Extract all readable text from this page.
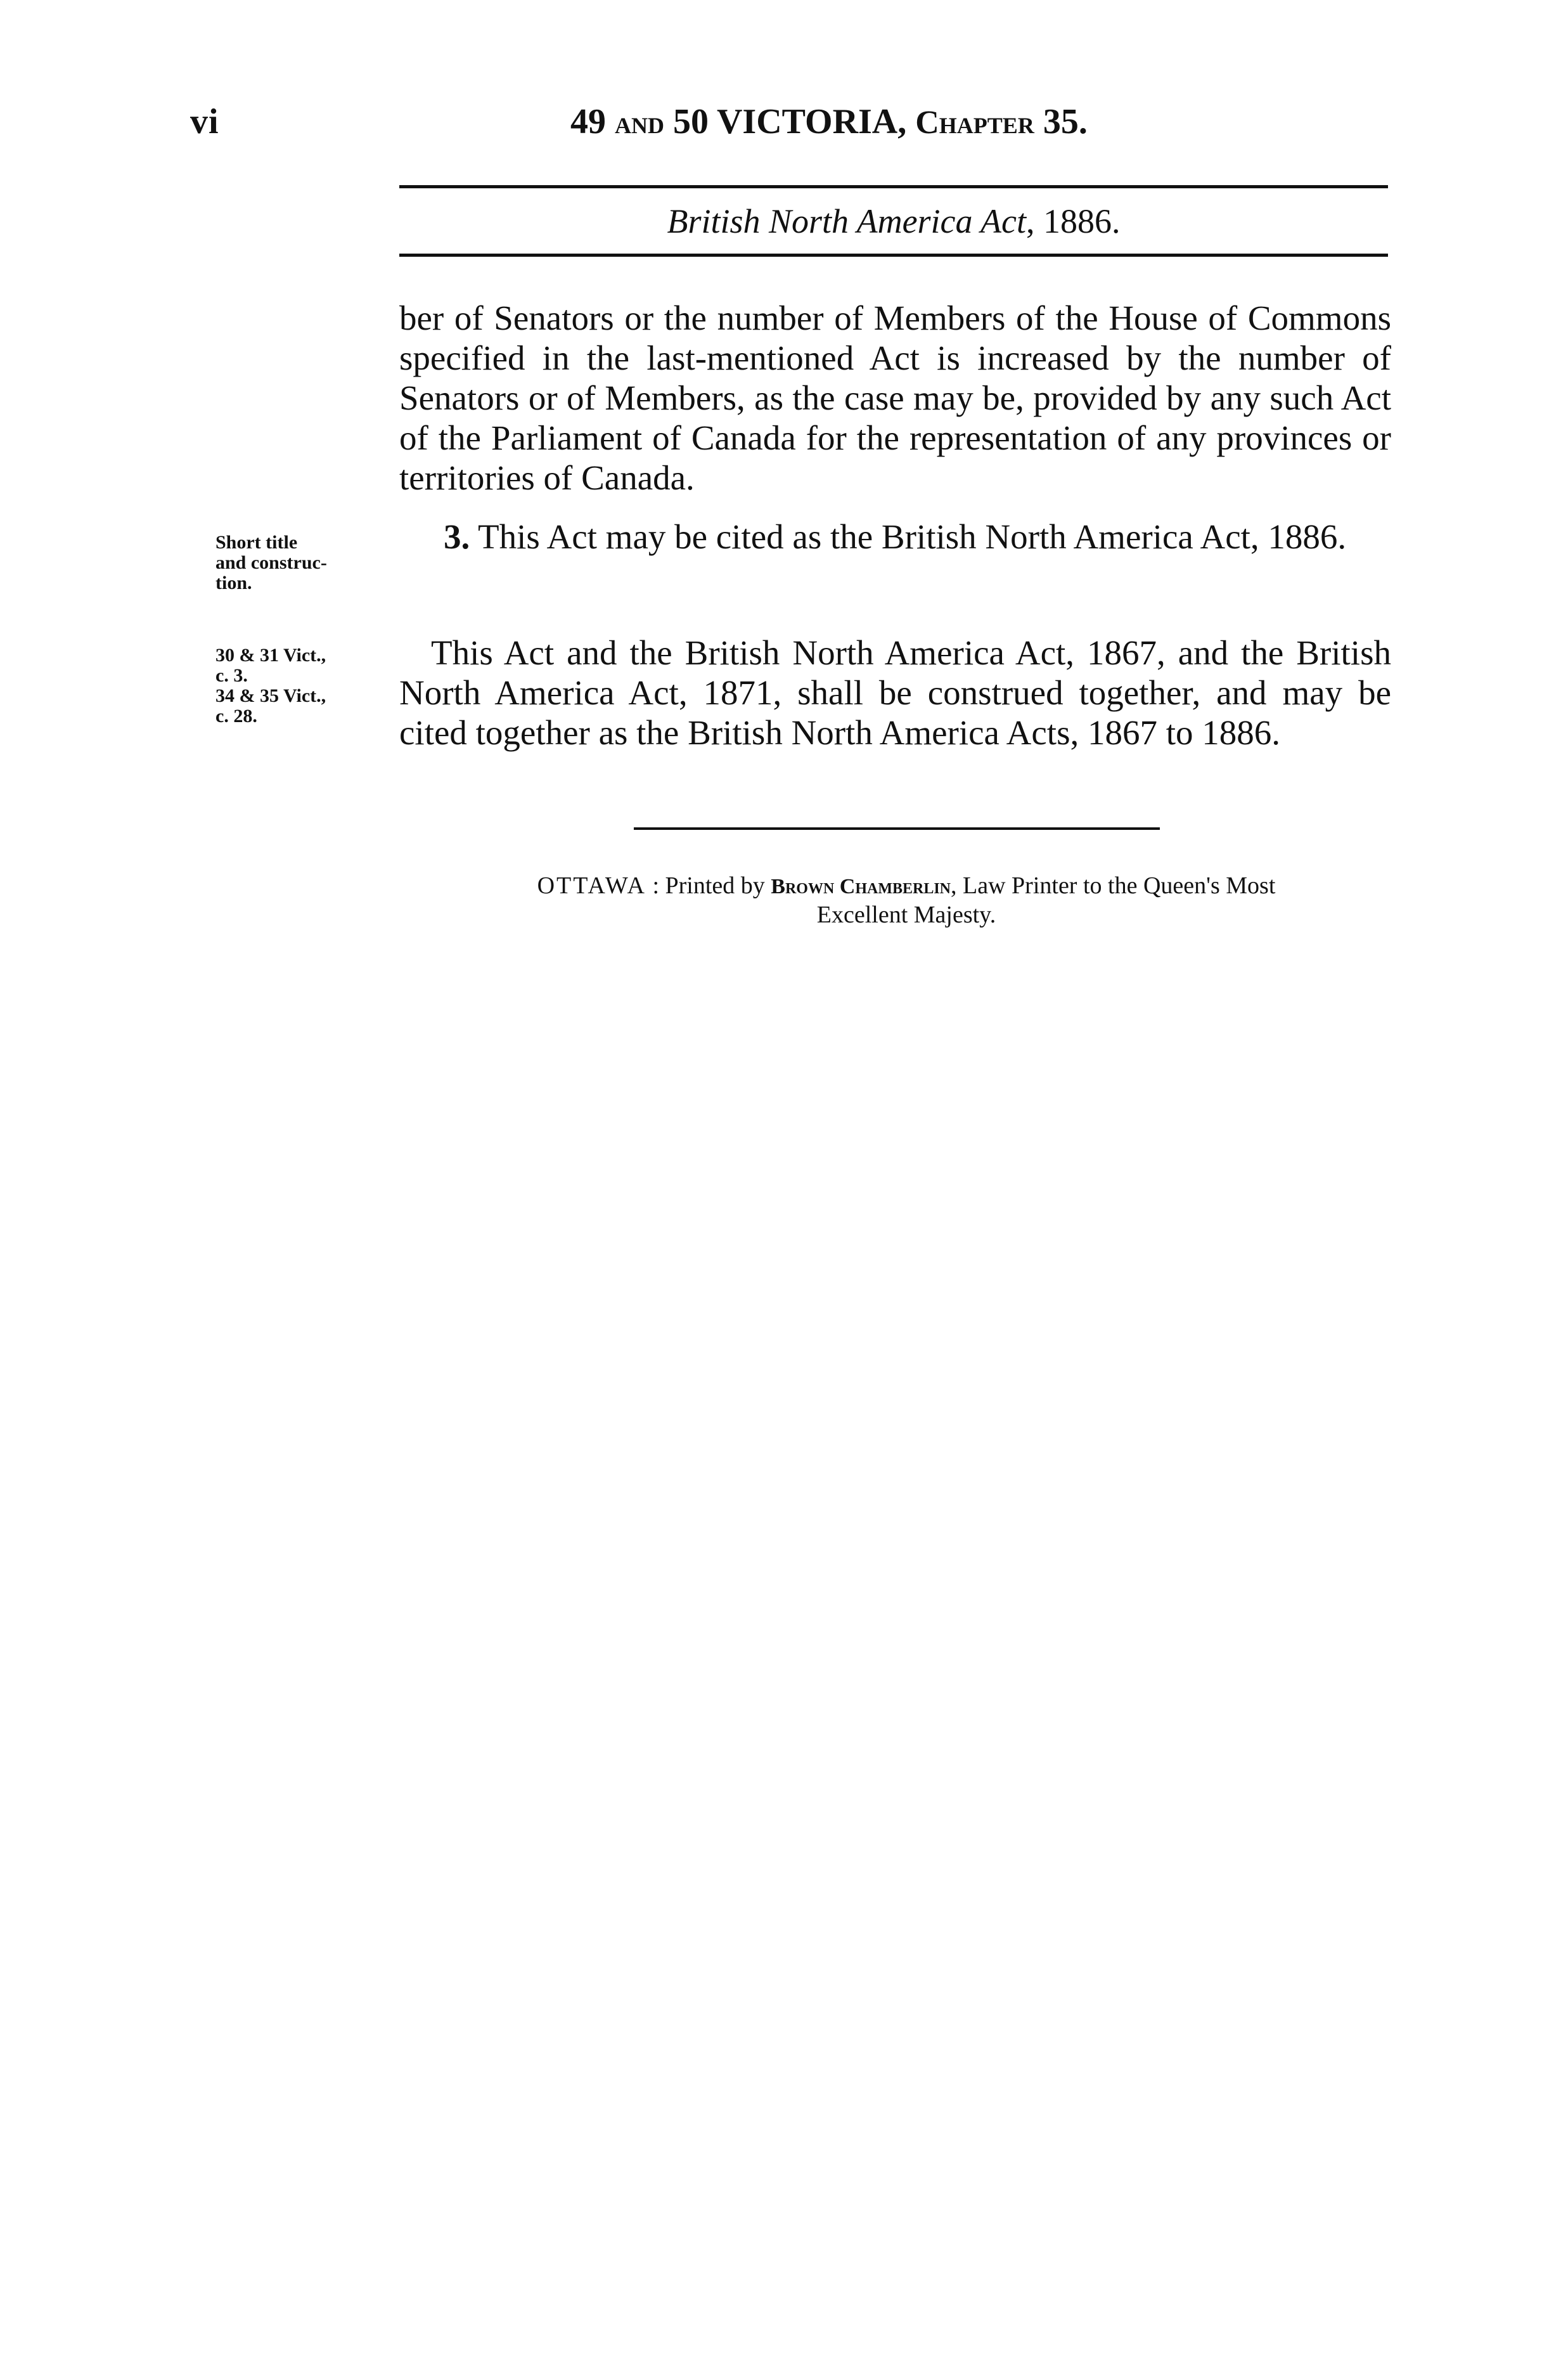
vi	49 and 50 VICTORIA, Chapter 35.
British North America Act, 1886.
ber of Senators or the number of Members of the House of Commons specified in the last-mentioned Act is increased by the number of Senators or of Members, as the case may be, provided by any such Act of the Parliament of Canada for the representation of any provinces or territories of Canada.
Short title
and construc-
tion.
3. This Act may be cited as the British North America Act, 1886.
30 & 31 Vict.,
c. 3.
34 & 35 Vict.,
c. 28.
This Act and the British North America Act, 1867, and the British North America Act, 1871, shall be construed together, and may be cited together as the British North America Acts, 1867 to 1886.
OTTAWA : Printed by Brown Chamberlin, Law Printer to the Queen's Most
Excellent Majesty.
